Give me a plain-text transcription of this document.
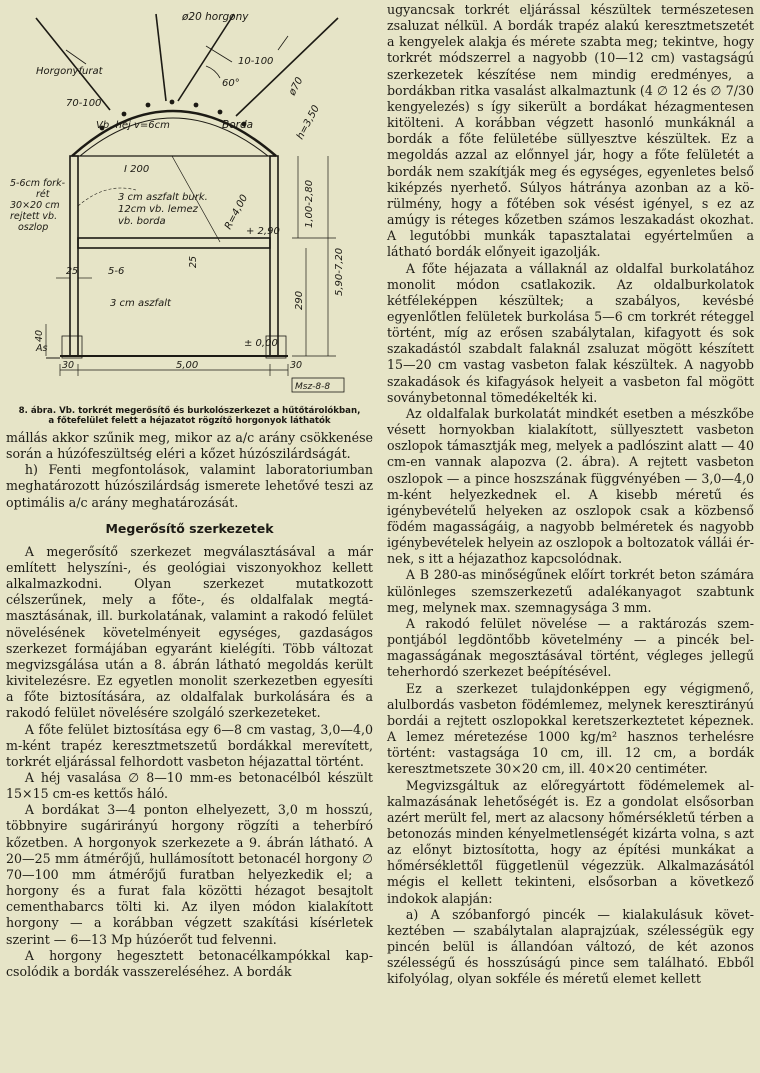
ø20 horgony
10-100
60°
Horgonyfurat
70-100
ø70
Vb. héj v=6cm	Borda	h=3,50
5-6cm fork-
rét
30×20 cm
rejtett vb.
oszlop
I 200
3 cm aszfalt burk.
12cm vb. lemez
vb. borda	R=4,00	1,00-2,80
5,90-7,20
+ 2,90
25
25	5-6
290
3 cm aszfalt
± 0,00
40
As
30	5,00	30
Msz-8-8
8. ábra. Vb. torkrét megerősítő és burkolószerkezet a hűtőtárolókban,
a főtefelület felett a héjazatot rögzítő horgonyok láthatók

mállás akkor szűnik meg, mikor az a/c arány csökkenése során a húzófeszültség eléri a kőzet húzószilárdságát.

h) Fenti megfontolások, valamint laboratoriumban meghatározott húzószilárdság ismerete lehetővé teszi az optimális a/c arány meghatározását.

Megerősítő szerkezetek

A megerősítő szerkezet megválasztásával a már említett helyszíni-, és geológiai viszonyokhoz kellett alkalmazkodni. Olyan szerkezet mutatkozott célszerűnek, mely a főte-, és oldalfalak megtámasztásának, ill. burkolatának, valamint a rakodó felület növelésének követelményeit egységes, gazdaságos szerkezet formájában egyaránt kielégíti. Több változat megvizsgálása után a 8. ábrán látható megoldás került kivitelezésre. Ez egyetlen monolit szerkezetben egyesíti a főte biztosítására, az oldalfalak burkolására és a rakodó felület növelésére szolgáló szerkezeteket.

A főte felület biztosítása egy 6—8 cm vastag, 3,0—4,0 m-ként trapéz keresztmetszetű bordákkal merevített, torkrét eljárással felhordott vasbeton héjazattal történt.

A héj vasalása ∅ 8—10 mm-es betonacélból készült 15×15 cm-es kettős háló.

A bordákat 3—4 ponton elhelyezett, 3,0 m hosszú, többnyire sugárirányú horgony rögzíti a teherbíró kőzetben. A horgonyok szerkezete a 9. ábrán látható. A 20—25 mm átmérőjű, hullámosított betonacél horgony ∅ 70—100 mm átmérőjű furatban helyezkedik el; a horgony és a furat fala közötti hézagot besajtolt cementhabarcs tölti ki. Az ilyen módon kialakított horgony — a korábban végzett szakítási kísérletek szerint — 6—13 Mp húzóerőt tud felvenni.

A horgony hegesztett betonacélkampókkal kapcsolódik a bordák vasszereléséhez. A bordák

ugyancsak torkrét eljárással készültek természetesen zsaluzat nélkül. A bordák trapéz alakú keresztmetszetét a kengyelek alakja és mérete szabta meg; tekintve, hogy torkrét módszerrel a nagyobb (10—12 cm) vastagságú szerkezetek készítése nem mindig eredményes, a bordákban ritka vasalást alkalmaztunk (4 ∅ 12 és ∅ 7/30 kengyelezés) s így sikerült a bordákat hézagmentesen kitölteni. A korábban végzett hasonló munkáknál a bordák a főte felületébe süllyesztve készültek. Ez a megoldás azzal az előnnyel jár, hogy a főte felületét a bordák nem szakítják meg és egységes, egyenletes belső kiképzés nyerhető. Súlyos hátránya azonban az a körülmény, hogy a főtében sok vésést igényel, s ez az amúgy is réteges kőzetben számos leszakadást okozhat. A legutóbbi munkák tapasztalatai egyértelműen a látható bordák előnyeit igazolják.

A főte héjazata a vállaknál az oldalfal burkolatához monolit módon csatlakozik. Az oldalburkolatok kétféleképpen készültek; a szabályos, kevésbé egyenlőtlen felületek burkolása 5—6 cm torkrét réteggel történt, míg az erősen szabálytalan, kifagyott és sok szakadástól szabdalt falaknál zsaluzat mögött készített 15—20 cm vastag vasbeton falak készültek. A nagyobb szakadások és kifagyások helyeit a vasbeton fal mögött soványbetonnal tömedékelték ki.

Az oldalfalak burkolatát mindkét esetben a mészkőbe vésett hornyokban kialakított, süllyesztett vasbeton oszlopok támasztják meg, melyek a padlószint alatt — 40 cm-en vannak alapozva (2. ábra). A rejtett vasbeton oszlopok — a pince hoszszának függvényében — 3,0—4,0 m-ként helyezkednek el. A kisebb méretű és igénybevételű helyeken az oszlopok csak a közbenső födém magasságáig, a nagyobb belméretek és nagyobb igénybevételek helyein az oszlopok a boltozatok vállái érnek, s itt a héjazathoz kapcsolódnak.

A B 280-as minőségűnek előírt torkrét beton számára különleges szemszerkezetű adalékanyagot szabtunk meg, melynek max. szemnagysága 3 mm.

A rakodó felület növelése — a raktározás szempontjából legdöntőbb követelmény — a pincék belmagasságának megosztásával történt, végleges jellegű teherhordó szerkezet beépítésével.

Ez a szerkezet tulajdonképpen egy végigmenő, alulbordás vasbeton födémlemez, melynek keresztirányú bordái a rejtett oszlopokkal keretszerkeztetet képeznek. A lemez méretezése 1000 kg/m² hasznos terhelésre történt: vastagsága 10 cm, ill. 12 cm, a bordák keresztmetszete 30×20 cm, ill. 40×20 centiméter.

Megvizsgáltuk az előregyártott födémelemek alkalmazásának lehetőségét is. Ez a gondolat elsősorban azért merült fel, mert az alacsony hőmérsékletű térben a betonozás minden kényelmetlenségét kizárta volna, s azt az előnyt biztosította, hogy az építési munkákat a hőmérséklettől függetlenül végezzük. Alkalmazásától mégis el kellett tekinteni, elsősorban a következő indokok alapján:

a) A szóbanforgó pincék — kialakulásuk következtében — szabálytalan alaprajzúak, szélességük egy pincén belül is állandóan változó, de két azonos szélességű és hosszúságú pince sem található. Ebből kifolyólag, olyan sokféle és méretű elemet kellett
